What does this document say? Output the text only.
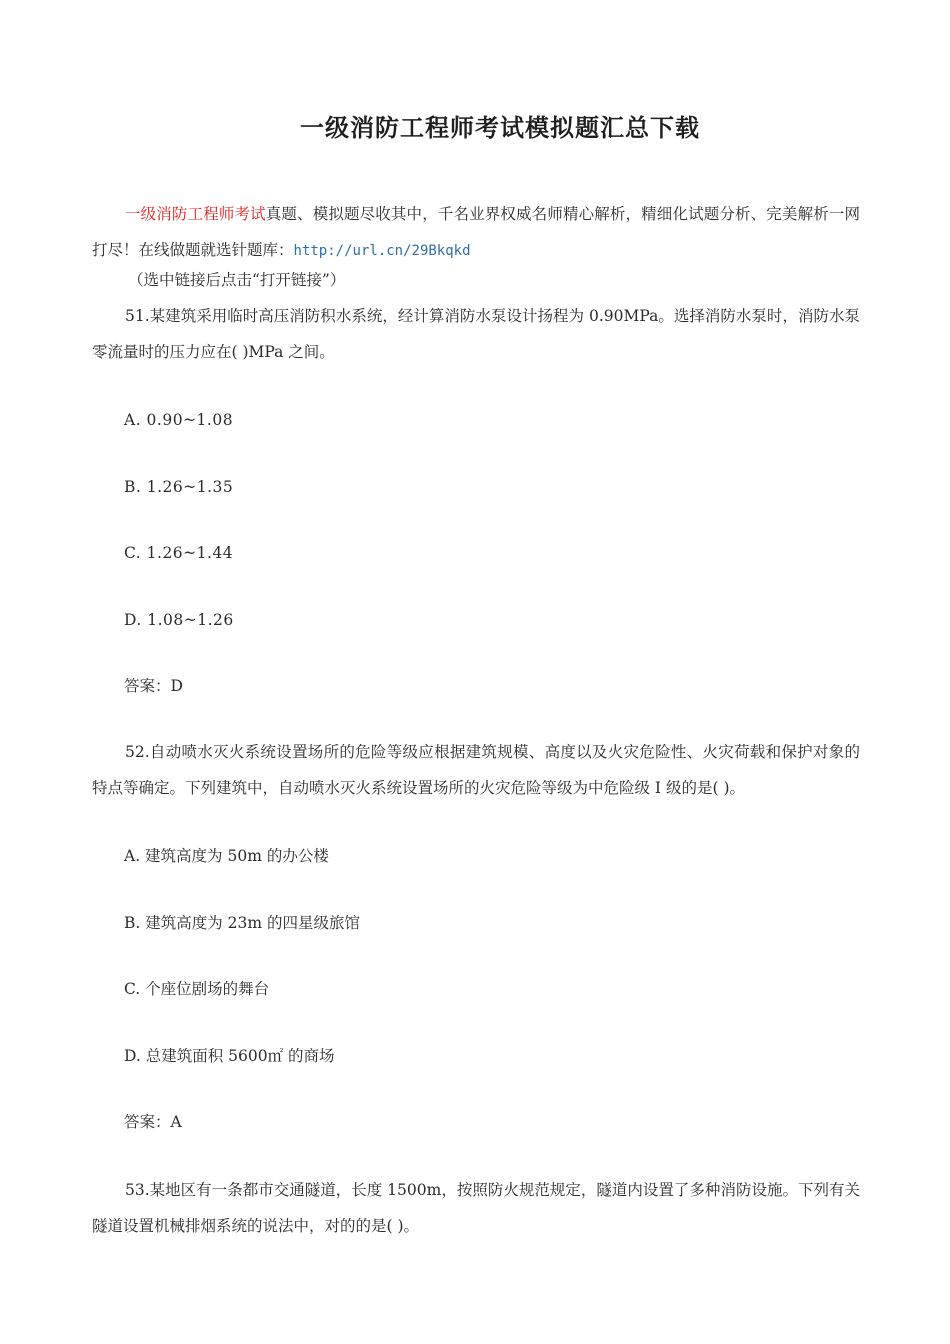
一级消防工程师考试模拟题汇总下载
一级消防工程师考试真题、模拟题尽收其中，千名业界权威名师精心解析，精细化试题分析、完美解析一网打尽！在线做题就选针题库：http://url.cn/29Bkqkd
（选中链接后点击“打开链接”）
51.某建筑采用临时高压消防积水系统，经计算消防水泵设计扬程为 0.90MPa。选择消防水泵时，消防水泵零流量时的压力应在( )MPa 之间。
A. 0.90~1.08
B. 1.26~1.35
C. 1.26~1.44
D. 1.08~1.26
答案：D
52.自动喷水灭火系统设置场所的危险等级应根据建筑规模、高度以及火灾危险性、火灾荷载和保护对象的特点等确定。下列建筑中，自动喷水灭火系统设置场所的火灾危险等级为中危险级 I 级的是( )。
A. 建筑高度为 50m 的办公楼
B. 建筑高度为 23m 的四星级旅馆
C. 个座位剧场的舞台
D. 总建筑面积 5600㎡ 的商场
答案：A
53.某地区有一条都市交通隧道，长度 1500m，按照防火规范规定，隧道内设置了多种消防设施。下列有关隧道设置机械排烟系统的说法中，对的的是( )。
